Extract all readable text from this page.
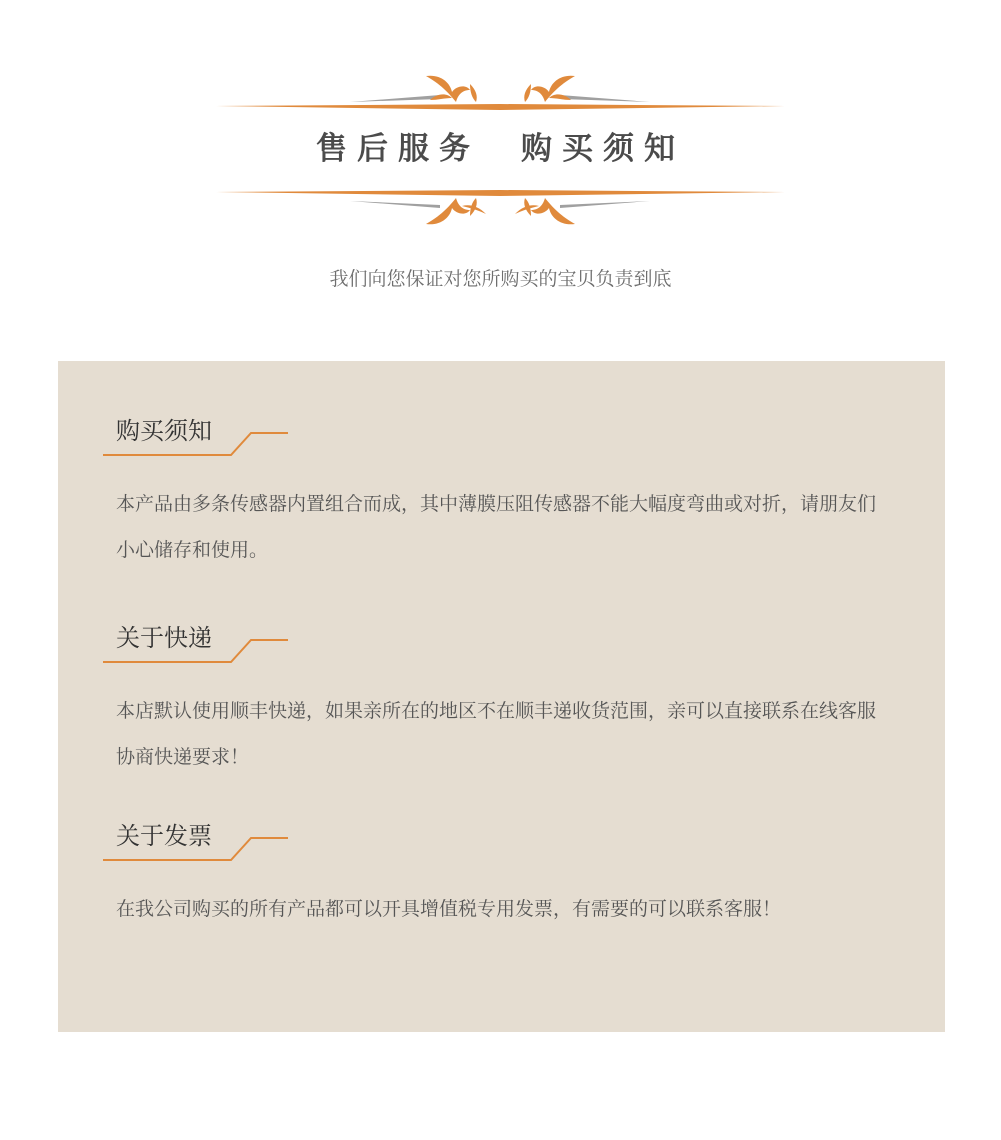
售后服务　购买须知
我们向您保证对您所购买的宝贝负责到底
购买须知
本产品由多条传感器内置组合而成，其中薄膜压阻传感器不能大幅度弯曲或对折，请朋友们小心储存和使用。
关于快递
本店默认使用顺丰快递，如果亲所在的地区不在顺丰递收货范围，亲可以直接联系在线客服协商快递要求！
关于发票
在我公司购买的所有产品都可以开具增值税专用发票，有需要的可以联系客服！
